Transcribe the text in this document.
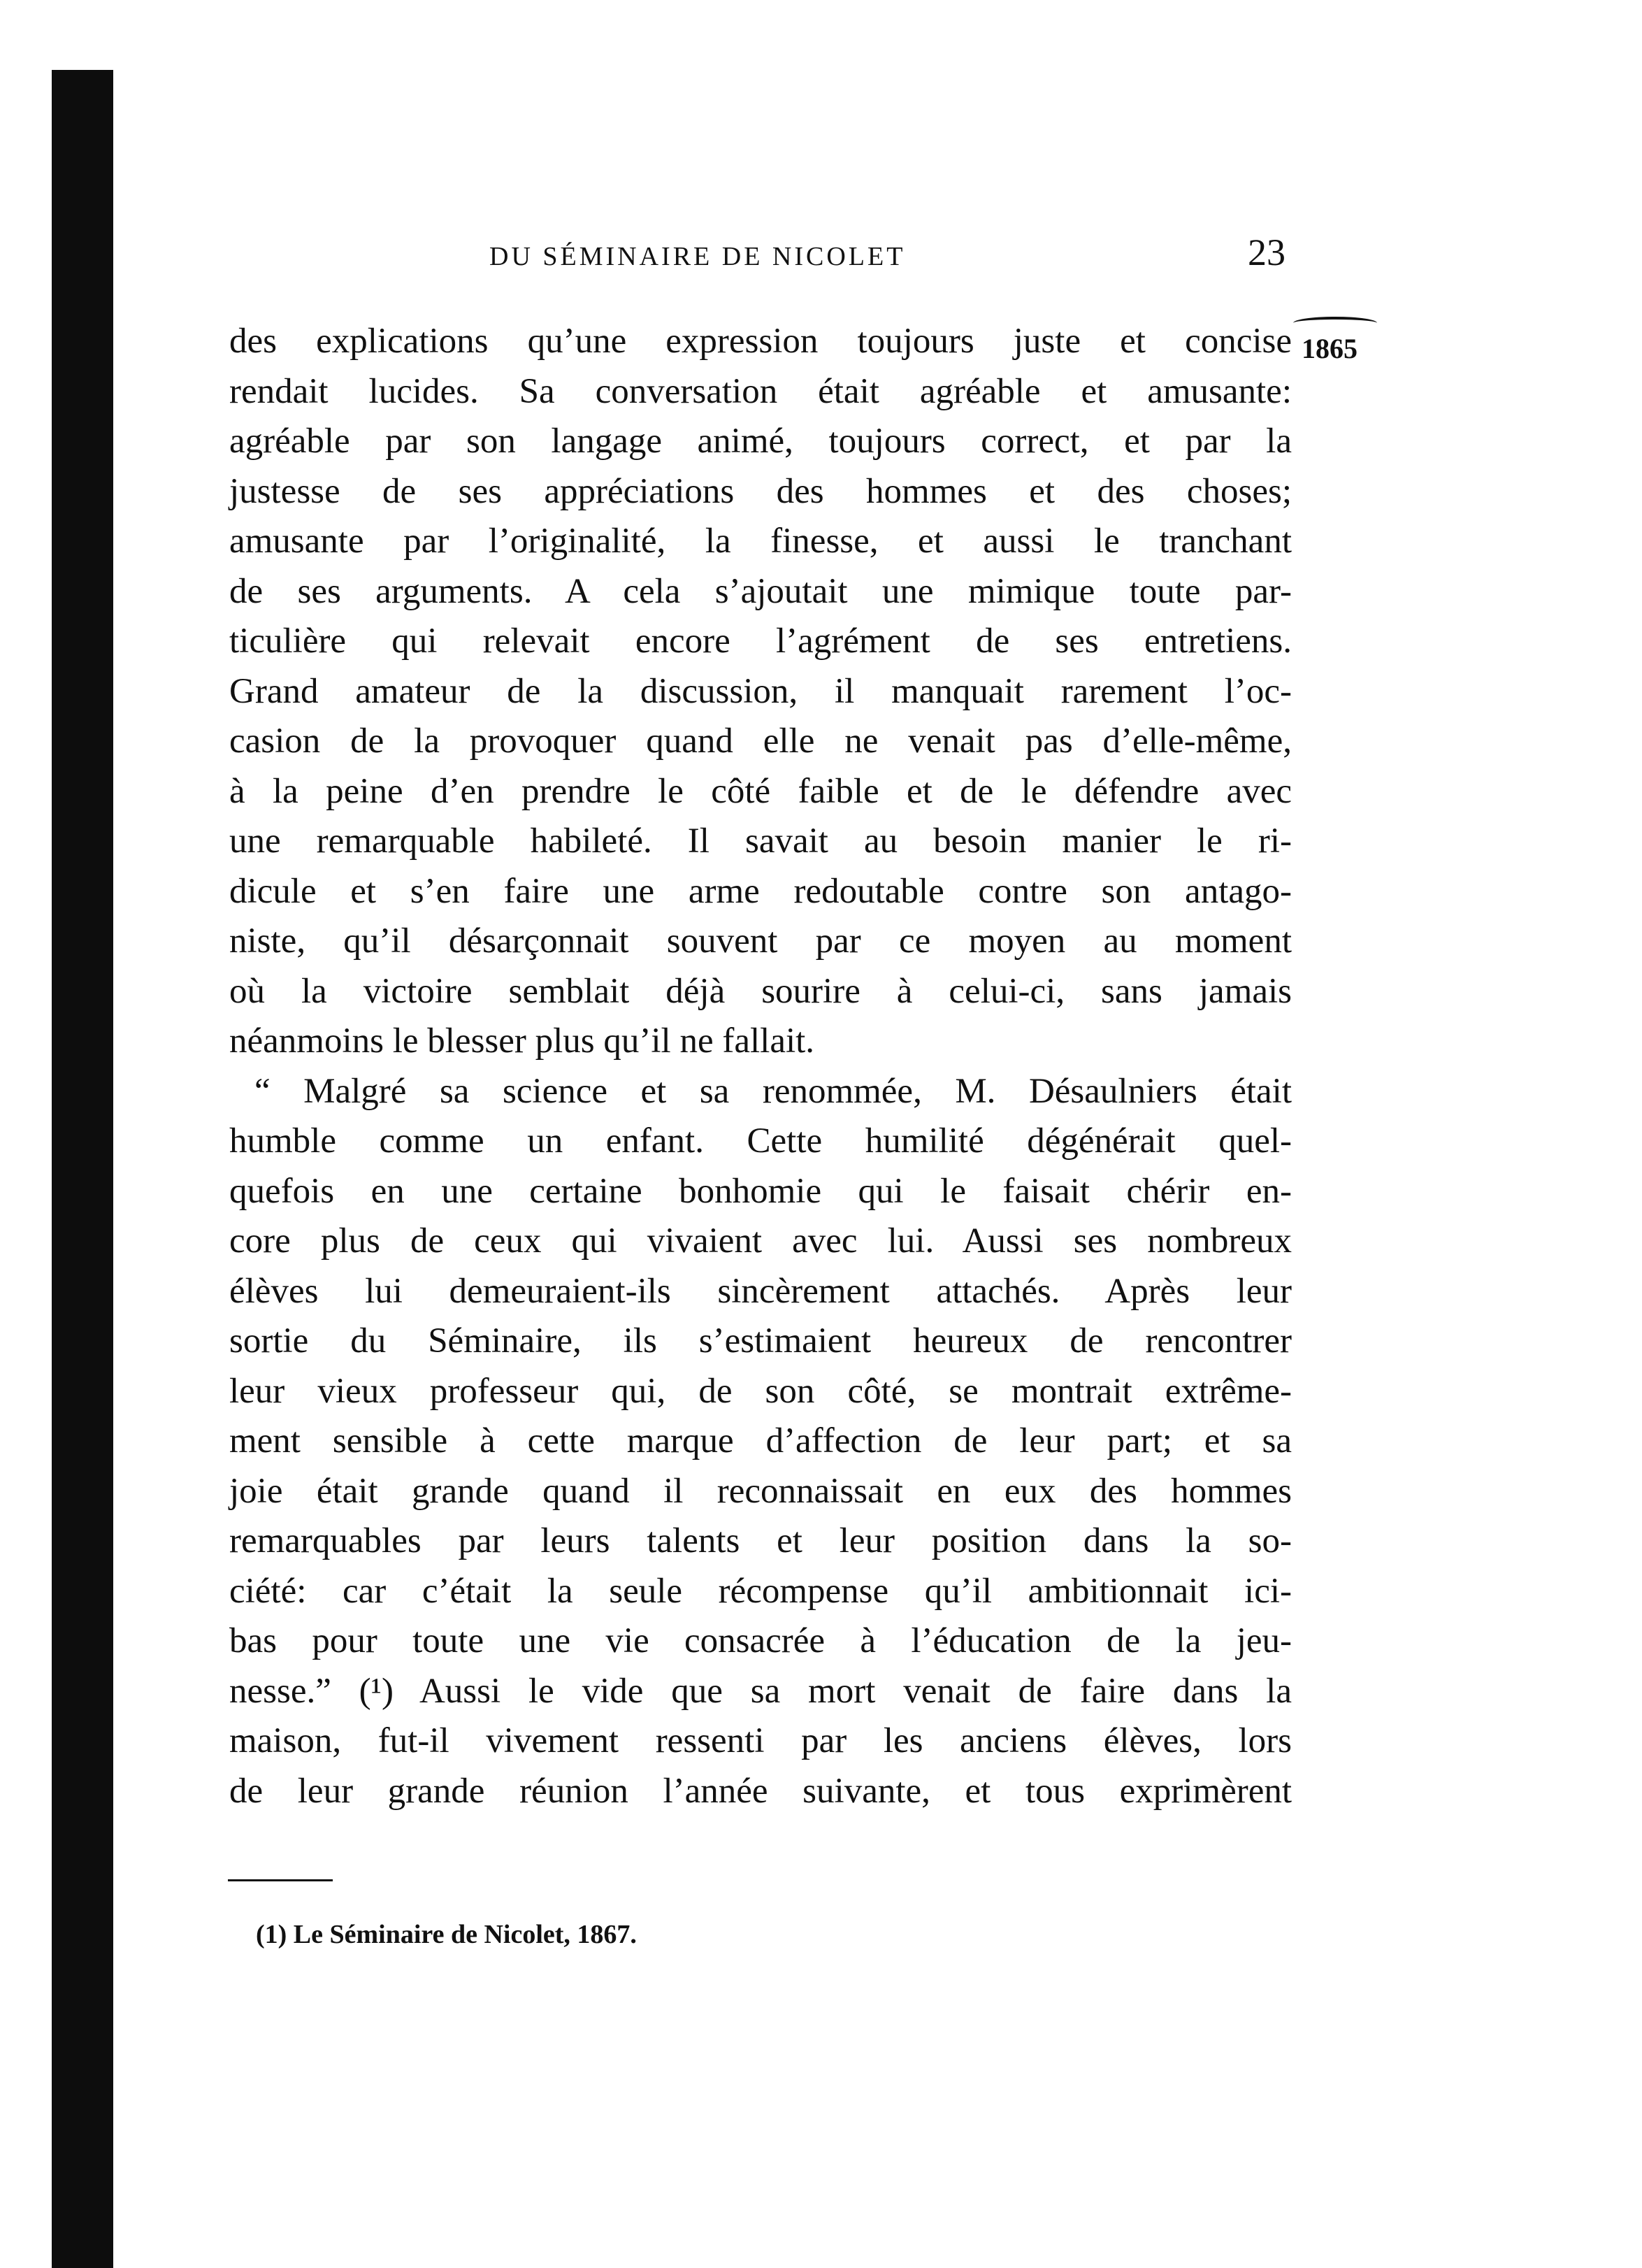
DU SÉMINAIRE DE NICOLET	23
1865
des explications qu’une expression toujours juste et concise
rendait lucides. Sa conversation était agréable et amusante:
agréable par son langage animé, toujours correct, et par la
justesse de ses appréciations des hommes et des choses;
amusante par l’originalité, la finesse, et aussi le tranchant
de ses arguments. A cela s’ajoutait une mimique toute par-
ticulière qui relevait encore l’agrément de ses entretiens.
Grand amateur de la discussion, il manquait rarement l’oc-
casion de la provoquer quand elle ne venait pas d’elle-même,
à la peine d’en prendre le côté faible et de le défendre avec
une remarquable habileté. Il savait au besoin manier le ri-
dicule et s’en faire une arme redoutable contre son antago-
niste, qu’il désarçonnait souvent par ce moyen au moment
où la victoire semblait déjà sourire à celui-ci, sans jamais
néanmoins le blesser plus qu’il ne fallait.
“ Malgré sa science et sa renommée, M. Désaulniers était
humble comme un enfant. Cette humilité dégénérait quel-
quefois en une certaine bonhomie qui le faisait chérir en-
core plus de ceux qui vivaient avec lui. Aussi ses nombreux
élèves lui demeuraient-ils sincèrement attachés. Après leur
sortie du Séminaire, ils s’estimaient heureux de rencontrer
leur vieux professeur qui, de son côté, se montrait extrême-
ment sensible à cette marque d’affection de leur part; et sa
joie était grande quand il reconnaissait en eux des hommes
remarquables par leurs talents et leur position dans la so-
ciété: car c’était la seule récompense qu’il ambitionnait ici-
bas pour toute une vie consacrée à l’éducation de la jeu-
nesse.” (¹) Aussi le vide que sa mort venait de faire dans la
maison, fut-il vivement ressenti par les anciens élèves, lors
de leur grande réunion l’année suivante, et tous exprimèrent
(1) Le Séminaire de Nicolet, 1867.
